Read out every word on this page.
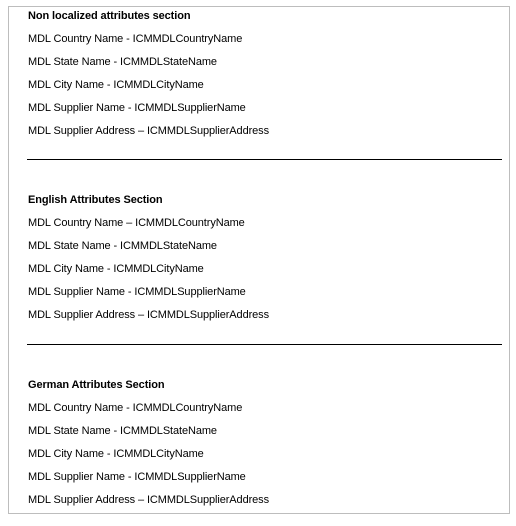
Non localized attributes section
MDL Country Name - ICMMDLCountryName
MDL State Name - ICMMDLStateName
MDL City Name - ICMMDLCityName
MDL Supplier Name - ICMMDLSupplierName
MDL Supplier Address – ICMMDLSupplierAddress
English Attributes Section
MDL Country Name – ICMMDLCountryName
MDL State Name - ICMMDLStateName
MDL City Name - ICMMDLCityName
MDL Supplier Name - ICMMDLSupplierName
MDL Supplier Address – ICMMDLSupplierAddress
German Attributes Section
MDL Country Name - ICMMDLCountryName
MDL State Name - ICMMDLStateName
MDL City Name - ICMMDLCityName
MDL Supplier Name - ICMMDLSupplierName
MDL Supplier Address – ICMMDLSupplierAddress
